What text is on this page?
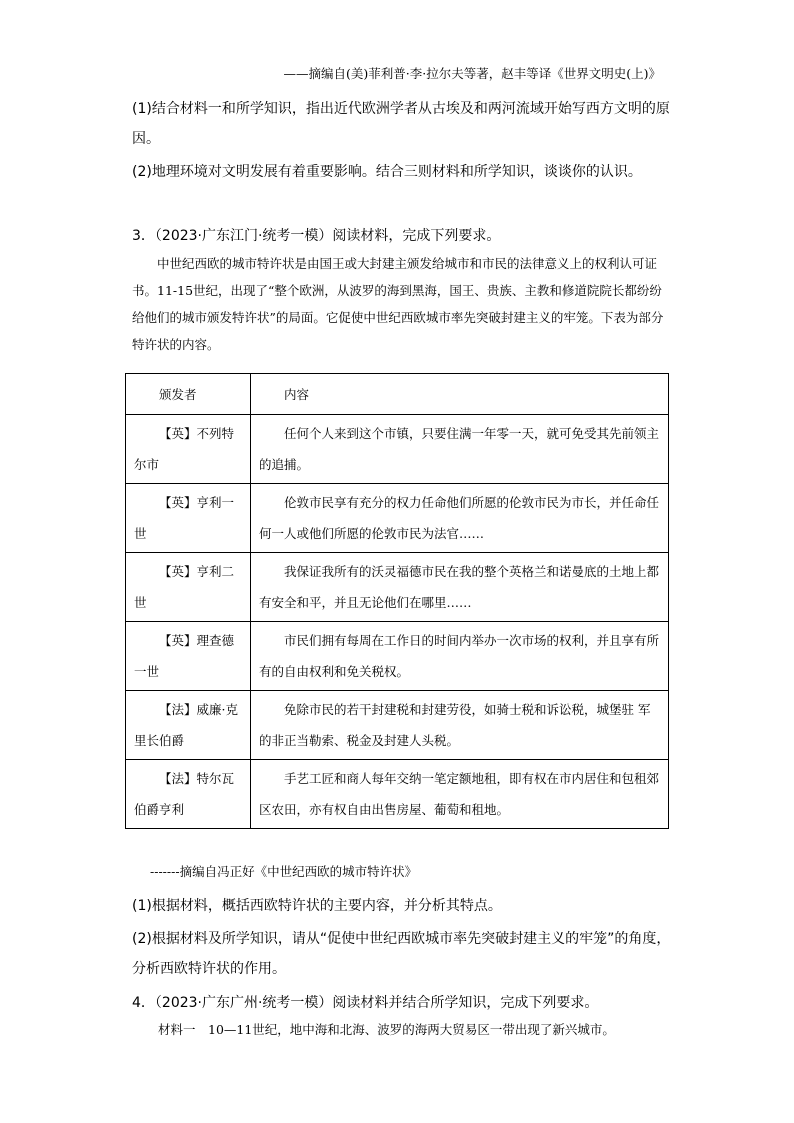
——摘编自(美)菲利普·李·拉尔夫等著，赵丰等译《世界文明史(上)》
(1)结合材料一和所学知识，指出近代欧洲学者从古埃及和两河流域开始写西方文明的原
因。
(2)地理环境对文明发展有着重要影响。结合三则材料和所学知识，谈谈你的认识。
3．（2023·广东江门·统考一模）阅读材料，完成下列要求。

中世纪西欧的城市特许状是由国王或大封建主颁发给城市和市民的法律意义上的权利认可证书。11-15世纪，出现了“整个欧洲，从波罗的海到黑海，国王、贵族、主教和修道院院长都纷纷给他们的城市颁发特许状”的局面。它促使中世纪西欧城市率先突破封建主义的牢笼。下表为部分特许状的内容。

颁发者	内容
【英】不列特尔市	任何个人来到这个市镇，只要住满一年零一天，就可免受其先前领主的追捕。
【英】亨利一世	伦敦市民享有充分的权力任命他们所愿的伦敦市民为市长，并任命任何一人或他们所愿的伦敦市民为法官……
【英】亨利二世	我保证我所有的沃灵福德市民在我的整个英格兰和诺曼底的土地上都有安全和平，并且无论他们在哪里……
【英】理查德一世	市民们拥有每周在工作日的时间内举办一次市场的权利，并且享有所有的自由权利和免关税权。
【法】威廉·克里长伯爵	免除市民的若干封建税和封建劳役，如骑士税和诉讼税，城堡驻 军的非正当勒索、税金及封建人头税。
【法】特尔瓦伯爵亨利	手艺工匠和商人每年交纳一笔定额地租，即有权在市内居住和包租郊区农田，亦有权自由出售房屋、葡萄和租地。
-------摘编自冯正好《中世纪西欧的城市特许状》
(1)根据材料，概括西欧特许状的主要内容，并分析其特点。
(2)根据材料及所学知识，请从“促使中世纪西欧城市率先突破封建主义的牢笼”的角度，
分析西欧特许状的作用。
4．（2023·广东广州·统考一模）阅读材料并结合所学知识，完成下列要求。
材料一　10—11世纪，地中海和北海、波罗的海两大贸易区一带出现了新兴城市。
